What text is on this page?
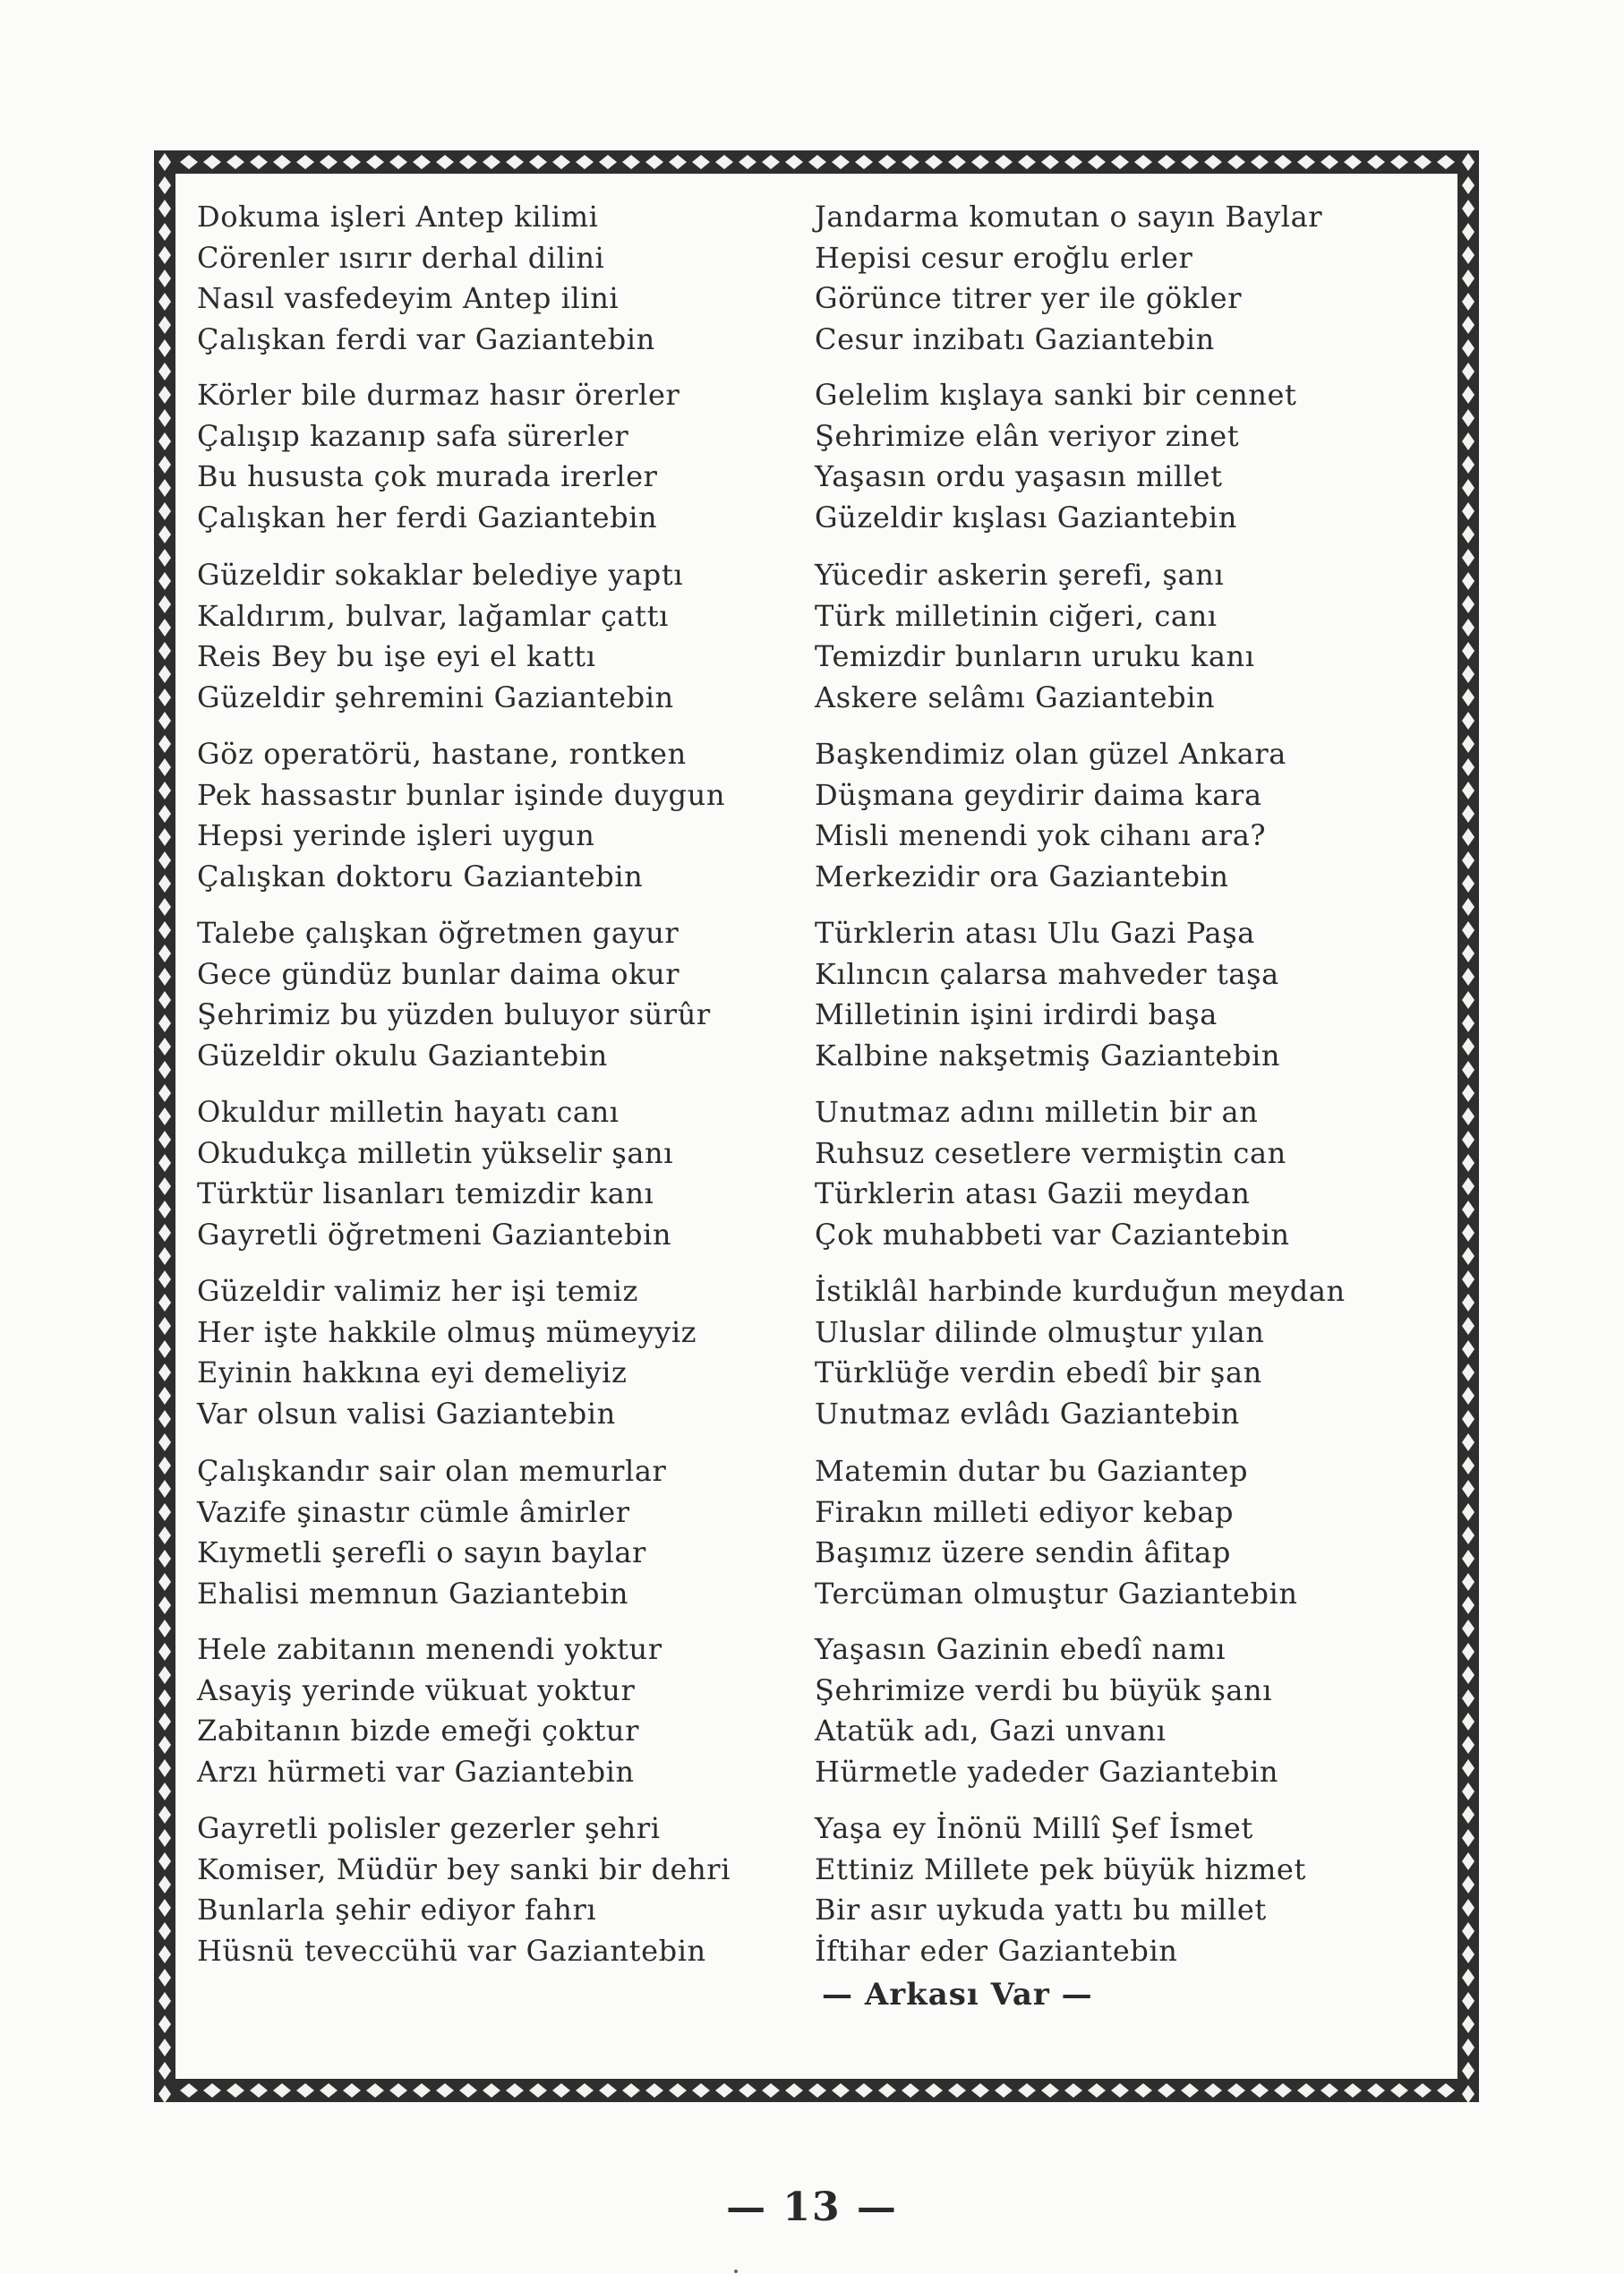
Dokuma işleri Antep kilimi
Cörenler ısırır derhal dilini
Nasıl vasfedeyim Antep ilini
Çalışkan ferdi var Gaziantebin
Körler bile durmaz hasır örerler
Çalışıp kazanıp safa sürerler
Bu hususta çok murada irerler
Çalışkan her ferdi Gaziantebin
Güzeldir sokaklar belediye yaptı
Kaldırım, bulvar, lağamlar çattı
Reis Bey bu işe eyi el kattı
Güzeldir şehremini Gaziantebin
Göz operatörü, hastane, rontken
Pek hassastır bunlar işinde duygun
Hepsi yerinde işleri uygun
Çalışkan doktoru Gaziantebin
Talebe çalışkan öğretmen gayur
Gece gündüz bunlar daima okur
Şehrimiz bu yüzden buluyor sürûr
Güzeldir okulu Gaziantebin
Okuldur milletin hayatı canı
Okudukça milletin yükselir şanı
Türktür lisanları temizdir kanı
Gayretli öğretmeni Gaziantebin
Güzeldir valimiz her işi temiz
Her işte hakkile olmuş mümeyyiz
Eyinin hakkına eyi demeliyiz
Var olsun valisi Gaziantebin
Çalışkandır sair olan memurlar
Vazife şinastır cümle âmirler
Kıymetli şerefli o sayın baylar
Ehalisi memnun Gaziantebin
Hele zabitanın menendi yoktur
Asayiş yerinde vükuat yoktur
Zabitanın bizde emeği çoktur
Arzı hürmeti var Gaziantebin
Gayretli polisler gezerler şehri
Komiser, Müdür bey sanki bir dehri
Bunlarla şehir ediyor fahrı
Hüsnü teveccühü var Gaziantebin
Jandarma komutan o sayın Baylar
Hepisi cesur eroğlu erler
Görünce titrer yer ile gökler
Cesur inzibatı Gaziantebin
Gelelim kışlaya sanki bir cennet
Şehrimize elân veriyor zinet
Yaşasın ordu yaşasın millet
Güzeldir kışlası Gaziantebin
Yücedir askerin şerefi, şanı
Türk milletinin ciğeri, canı
Temizdir bunların uruku kanı
Askere selâmı Gaziantebin
Başkendimiz olan güzel Ankara
Düşmana geydirir daima kara
Misli menendi yok cihanı ara?
Merkezidir ora Gaziantebin
Türklerin atası Ulu Gazi Paşa
Kılıncın çalarsa mahveder taşa
Milletinin işini irdirdi başa
Kalbine nakşetmiş Gaziantebin
Unutmaz adını milletin bir an
Ruhsuz cesetlere vermiştin can
Türklerin atası Gazii meydan
Çok muhabbeti var Caziantebin
İstiklâl harbinde kurduğun meydan
Uluslar dilinde olmuştur yılan
Türklüğe verdin ebedî bir şan
Unutmaz evlâdı Gaziantebin
Matemin dutar bu Gaziantep
Firakın milleti ediyor kebap
Başımız üzere sendin âfitap
Tercüman olmuştur Gaziantebin
Yaşasın Gazinin ebedî namı
Şehrimize verdi bu büyük şanı
Atatük adı, Gazi unvanı
Hürmetle yadeder Gaziantebin
Yaşa ey İnönü Millî Şef İsmet
Ettiniz Millete pek büyük hizmet
Bir asır uykuda yattı bu millet
İftihar eder Gaziantebin
— Arkası Var —
— 13 —
